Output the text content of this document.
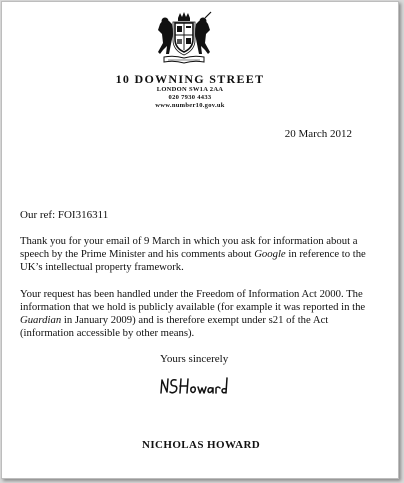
10 DOWNING STREET
LONDON SW1A 2AA
020 7930 4433
www.number10.gov.uk
20 March 2012
Our ref: FOI316311

Thank you for your email of 9 March in which you ask for information about a speech by the Prime Minister and his comments about Google in reference to the UK’s intellectual property framework.

Your request has been handled under the Freedom of Information Act 2000. The information that we hold is publicly available (for example it was reported in the Guardian in January 2009) and is therefore exempt under s21 of the Act (information accessible by other means).

Yours sincerely
NICHOLAS HOWARD
